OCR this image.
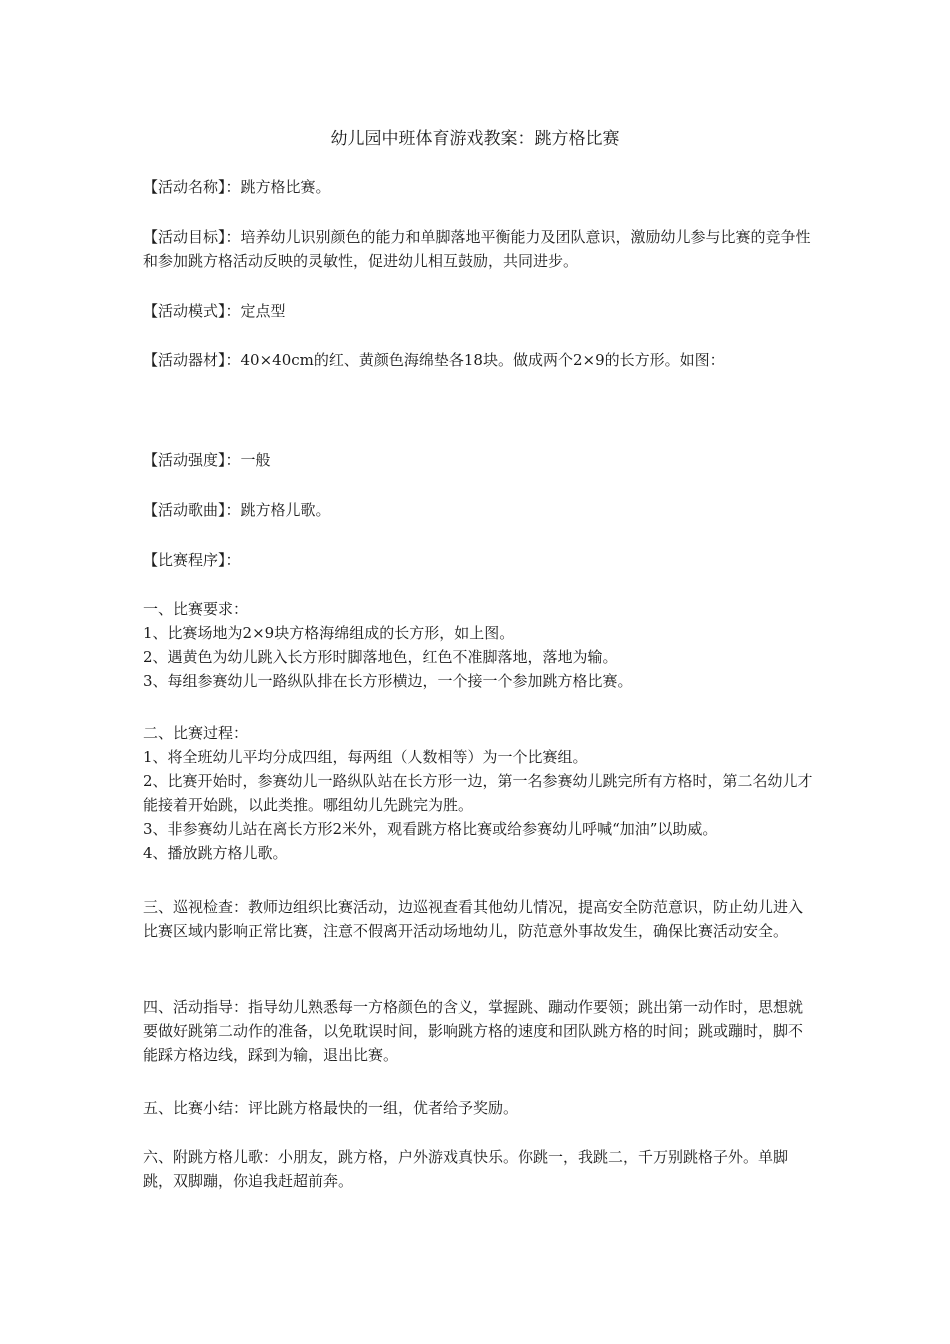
幼儿园中班体育游戏教案：跳方格比赛

【活动名称】：跳方格比赛。

【活动目标】：培养幼儿识别颜色的能力和单脚落地平衡能力及团队意识，激励幼儿参与比赛的竞争性和参加跳方格活动反映的灵敏性，促进幼儿相互鼓励，共同进步。

【活动模式】：定点型

【活动器材】：40×40cm的红、黄颜色海绵垫各18块。做成两个2×9的长方形。如图：

【活动强度】：一般

【活动歌曲】：跳方格儿歌。

【比赛程序】：

一、比赛要求：

1、比赛场地为2×9块方格海绵组成的长方形，如上图。

2、遇黄色为幼儿跳入长方形时脚落地色，红色不准脚落地，落地为输。

3、每组参赛幼儿一路纵队排在长方形横边，一个接一个参加跳方格比赛。

二、比赛过程：

1、将全班幼儿平均分成四组，每两组（人数相等）为一个比赛组。

2、比赛开始时，参赛幼儿一路纵队站在长方形一边，第一名参赛幼儿跳完所有方格时，第二名幼儿才能接着开始跳，以此类推。哪组幼儿先跳完为胜。

3、非参赛幼儿站在离长方形2米外，观看跳方格比赛或给参赛幼儿呼喊“加油”以助威。

4、播放跳方格儿歌。

三、巡视检查：教师边组织比赛活动，边巡视查看其他幼儿情况，提高安全防范意识，防止幼儿进入比赛区域内影响正常比赛，注意不假离开活动场地幼儿，防范意外事故发生，确保比赛活动安全。

四、活动指导：指导幼儿熟悉每一方格颜色的含义，掌握跳、蹦动作要领；跳出第一动作时，思想就要做好跳第二动作的准备，以免耽误时间，影响跳方格的速度和团队跳方格的时间；跳或蹦时，脚不能踩方格边线，踩到为输，退出比赛。

五、比赛小结：评比跳方格最快的一组，优者给予奖励。

六、附跳方格儿歌：小朋友，跳方格，户外游戏真快乐。你跳一，我跳二，千万别跳格子外。单脚跳，双脚蹦，你追我赶超前奔。
